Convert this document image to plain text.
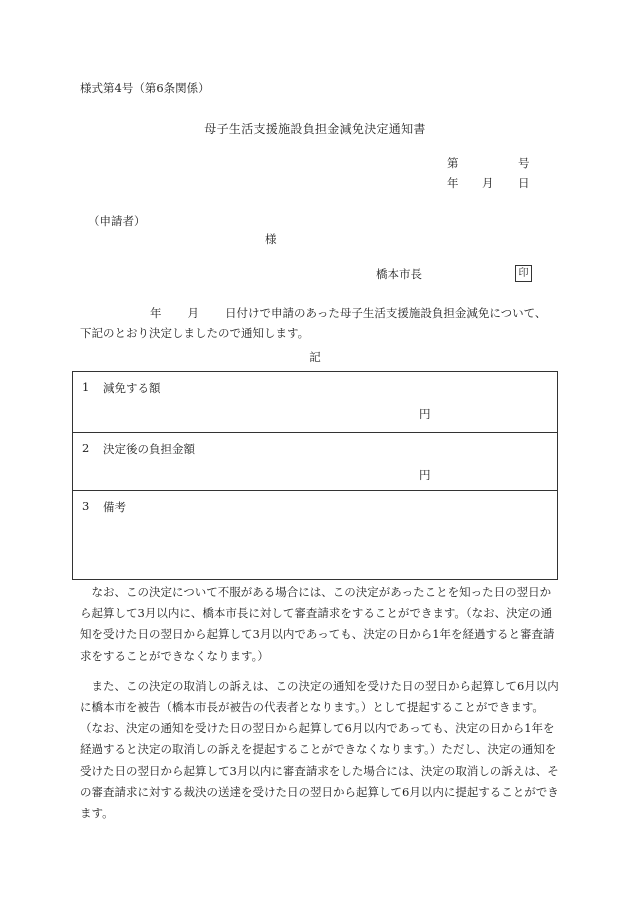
様式第4号（第6条関係）
母子生活支援施設負担金減免決定通知書
第	号
年 月 日
（申請者）
様
橋本市長	印
年 月 日付けで申請のあった母子生活支援施設負担金減免について、
下記のとおり決定しましたので通知します。
記
1 減免する額
円
2 決定後の負担金額
円
3 備考

なお、この決定について不服がある場合には、この決定があったことを知った日の翌日から起算して3月以内に、橋本市長に対して審査請求をすることができます。（なお、決定の通知を受けた日の翌日から起算して3月以内であっても、決定の日から1年を経過すると審査請求をすることができなくなります。）

また、この決定の取消しの訴えは、この決定の通知を受けた日の翌日から起算して6月以内に橋本市を被告（橋本市長が被告の代表者となります。）として提起することができます。（なお、決定の通知を受けた日の翌日から起算して6月以内であっても、決定の日から1年を経過すると決定の取消しの訴えを提起することができなくなります。）ただし、決定の通知を受けた日の翌日から起算して3月以内に審査請求をした場合には、決定の取消しの訴えは、その審査請求に対する裁決の送達を受けた日の翌日から起算して6月以内に提起することができます。
